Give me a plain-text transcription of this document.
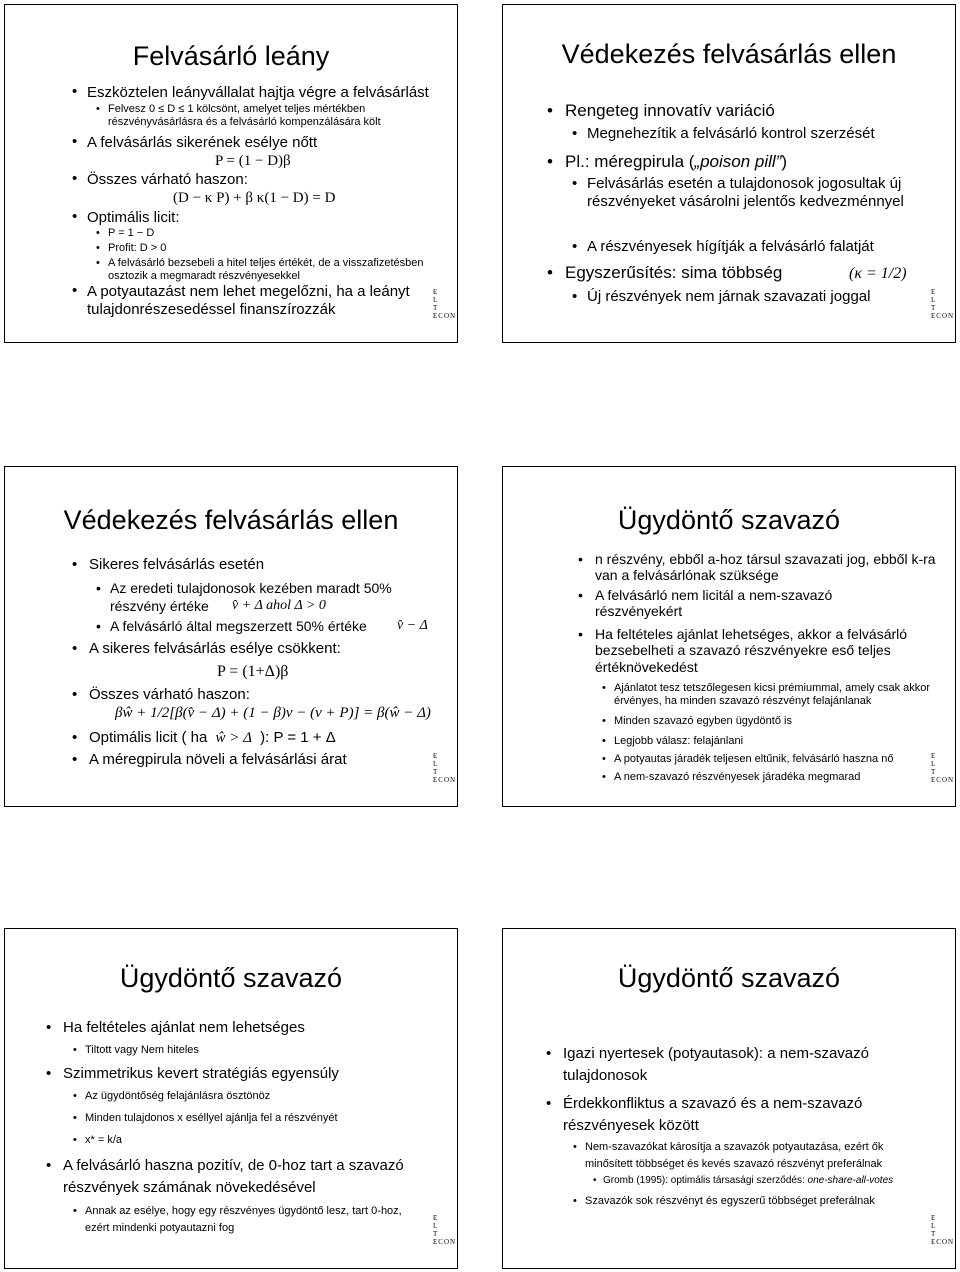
Felvásárló leány
• Eszköztelen leányvállalat hajtja végre a felvásárlást
• Felvesz 0 ≤ D ≤ 1 kölcsönt, amelyet teljes mértékben részvényvásárlásra és a felvásárló kompenzálására költ
• A felvásárlás sikerének esélye nőtt
P = (1 − D)β
• Összes várható haszon:
(D − κ P) + β κ(1 − D) = D
• Optimális licit:
• P = 1 − D
• Profit: D > 0
• A felvásárló bezsebeli a hitel teljes értékét, de a visszafizetésben osztozik a megmaradt részvényesekkel
• A potyautazást nem lehet megelőzni, ha a leányt tulajdonrészesedéssel finanszírozzák
E
L
T
ECON
Védekezés felvásárlás ellen
• Rengeteg innovatív variáció
• Megnehezítik a felvásárló kontrol szerzését
• Pl.: méregpirula („poison pill”)
• Felvásárlás esetén a tulajdonosok jogosultak új részvényeket vásárolni jelentős kedvezménnyel
• A részvényesek hígítják a felvásárló falatját
• Egyszerűsítés: sima többség	(κ = 1/2)
• Új részvények nem járnak szavazati joggal	E
L
T
ECON
Védekezés felvásárlás ellen
• Sikeres felvásárlás esetén
• Az eredeti tulajdonosok kezében maradt 50%
részvény értéke v̂ + Δ ahol Δ > 0
• A felvásárló által megszerzett 50% értéke	v̂ − Δ
• A sikeres felvásárlás esélye csökkent:
P = (1+Δ)β
• Összes várható haszon:
βŵ + 1/2[β(v̂ − Δ) + (1 − β)v − (v + P)] = β(ŵ − Δ)
• Optimális licit ( ha ŵ > Δ ): P = 1 + Δ
• A méregpirula növeli a felvásárlási árat	E
L
T
ECON
Ügydöntő szavazó
• n részvény, ebből a-hoz társul szavazati jog, ebből k-ra van a felvásárlónak szüksége
• A felvásárló nem licitál a nem-szavazó részvényekért
• Ha feltételes ajánlat lehetséges, akkor a felvásárló bezsebelheti a szavazó részvényekre eső teljes értéknövekedést
• Ajánlatot tesz tetszőlegesen kicsi prémiummal, amely csak akkor érvényes, ha minden szavazó részvényt felajánlanak
• Minden szavazó egyben ügydöntő is
• Legjobb válasz: felajánlani
• A potyautas járadék teljesen eltűnik, felvásárló haszna nő
• A nem-szavazó részvényesek járadéka megmarad
E
L
T
ECON
Ügydöntő szavazó
• Ha feltételes ajánlat nem lehetséges
• Tiltott vagy Nem hiteles
• Szimmetrikus kevert stratégiás egyensúly
• Az ügydöntőség felajánlásra ösztönöz
• Minden tulajdonos x eséllyel ajánlja fel a részvényét
• x* = k/a
• A felvásárló haszna pozitív, de 0-hoz tart a szavazó részvények számának növekedésével
• Annak az esélye, hogy egy részvényes ügydöntő lesz, tart 0-hoz, ezért mindenki potyautazni fog
E
L
T
ECON
Ügydöntő szavazó
• Igazi nyertesek (potyautasok): a nem-szavazó tulajdonosok
• Érdekkonfliktus a szavazó és a nem-szavazó részvényesek között
• Nem-szavazókat károsítja a szavazók potyautazása, ezért ők minősített többséget és kevés szavazó részvényt preferálnak
• Gromb (1995): optimális társasági szerződés: one-share-all-votes
• Szavazók sok részvényt és egyszerű többséget preferálnak
E
L
T
ECON
